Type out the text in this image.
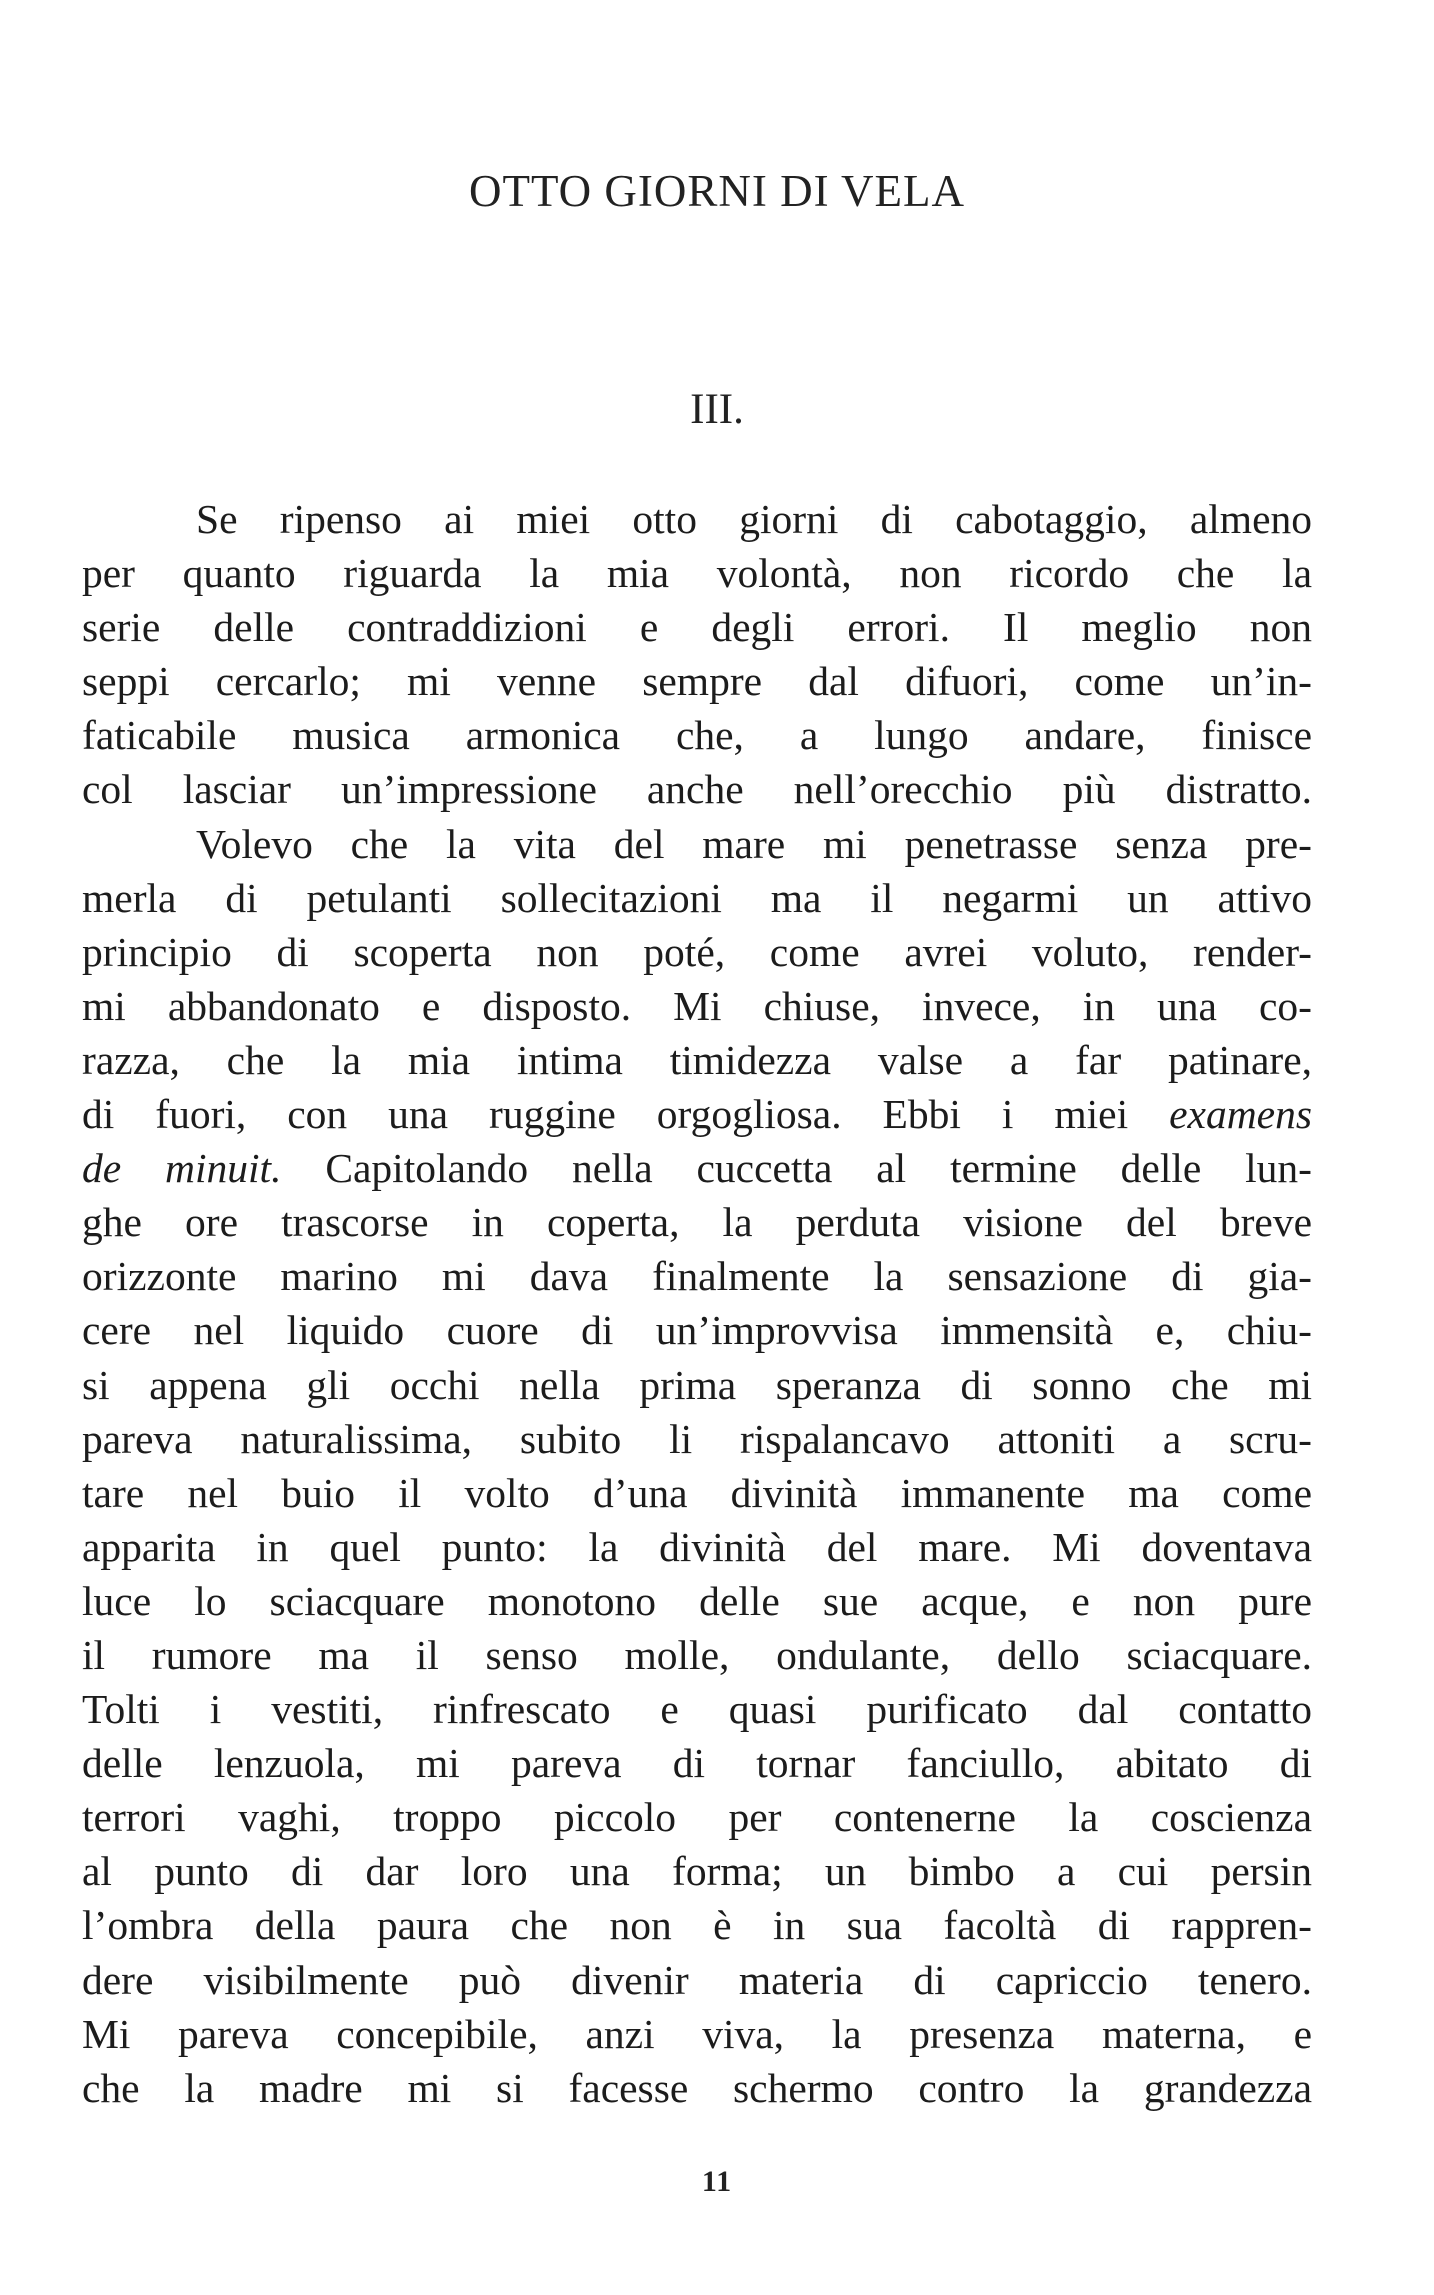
OTTO GIORNI DI VELA
III.
Se ripenso ai miei otto giorni di cabotaggio, almeno
per quanto riguarda la mia volontà, non ricordo che la
serie delle contraddizioni e degli errori. Il meglio non
seppi cercarlo; mi venne sempre dal difuori, come un’in-
faticabile musica armonica che, a lungo andare, finisce
col lasciar un’impressione anche nell’orecchio più distratto.
Volevo che la vita del mare mi penetrasse senza pre-
merla di petulanti sollecitazioni ma il negarmi un attivo
principio di scoperta non poté, come avrei voluto, render-
mi abbandonato e disposto. Mi chiuse, invece, in una co-
razza, che la mia intima timidezza valse a far patinare,
di fuori, con una ruggine orgogliosa. Ebbi i miei examens
de minuit. Capitolando nella cuccetta al termine delle lun-
ghe ore trascorse in coperta, la perduta visione del breve
orizzonte marino mi dava finalmente la sensazione di gia-
cere nel liquido cuore di un’improvvisa immensità e, chiu-
si appena gli occhi nella prima speranza di sonno che mi
pareva naturalissima, subito li rispalancavo attoniti a scru-
tare nel buio il volto d’una divinità immanente ma come
apparita in quel punto: la divinità del mare. Mi doventava
luce lo sciacquare monotono delle sue acque, e non pure
il rumore ma il senso molle, ondulante, dello sciacquare.
Tolti i vestiti, rinfrescato e quasi purificato dal contatto
delle lenzuola, mi pareva di tornar fanciullo, abitato di
terrori vaghi, troppo piccolo per contenerne la coscienza
al punto di dar loro una forma; un bimbo a cui persin
l’ombra della paura che non è in sua facoltà di rappren-
dere visibilmente può divenir materia di capriccio tenero.
Mi pareva concepibile, anzi viva, la presenza materna, e
che la madre mi si facesse schermo contro la grandezza
11
